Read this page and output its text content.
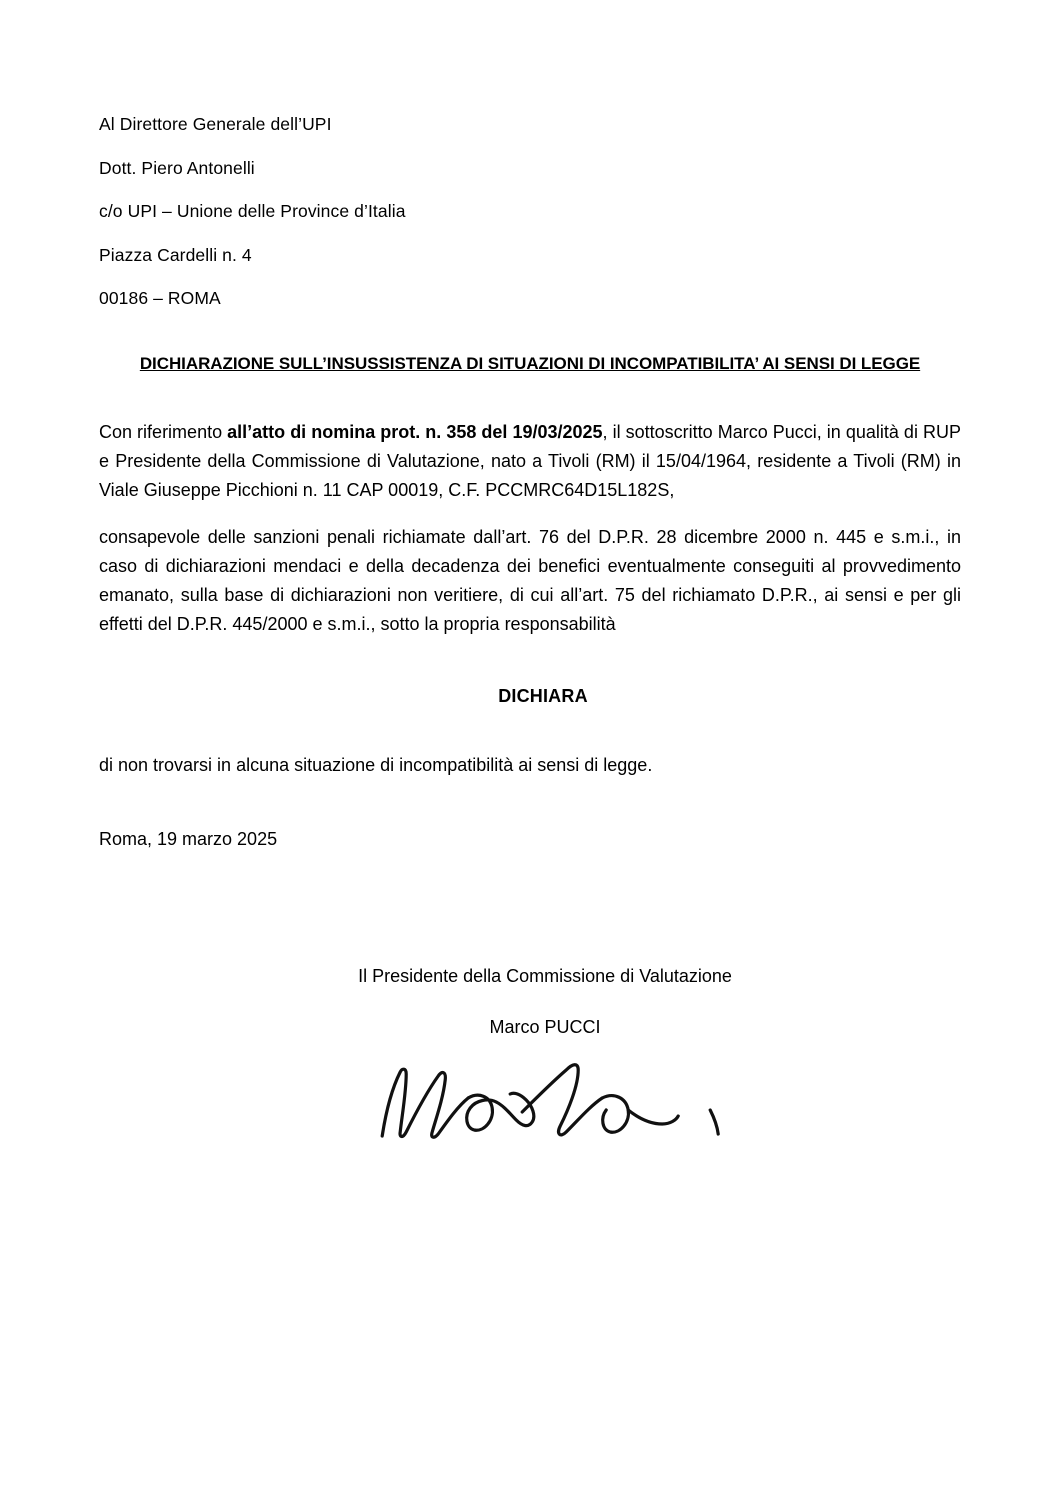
Al Direttore Generale dell’UPI
Dott. Piero Antonelli
c/o UPI – Unione delle Province d’Italia
Piazza Cardelli n. 4
00186 – ROMA
DICHIARAZIONE SULL’INSUSSISTENZA DI SITUAZIONI DI INCOMPATIBILITA’ AI SENSI DI LEGGE

Con riferimento all’atto di nomina prot. n. 358 del 19/03/2025, il sottoscritto Marco Pucci, in qualità di RUP e Presidente della Commissione di Valutazione, nato a Tivoli (RM) il 15/04/1964, residente a Tivoli (RM) in Viale Giuseppe Picchioni n. 11 CAP 00019, C.F. PCCMRC64D15L182S,

consapevole delle sanzioni penali richiamate dall’art. 76 del D.P.R. 28 dicembre 2000 n. 445 e s.m.i., in caso di dichiarazioni mendaci e della decadenza dei benefici eventualmente conseguiti al provvedimento emanato, sulla base di dichiarazioni non veritiere, di cui all’art. 75 del richiamato D.P.R., ai sensi e per gli effetti del D.P.R. 445/2000 e s.m.i., sotto la propria responsabilità

DICHIARA

di non trovarsi in alcuna situazione di incompatibilità ai sensi di legge.

Roma, 19 marzo 2025

Il Presidente della Commissione di Valutazione
Marco PUCCI
